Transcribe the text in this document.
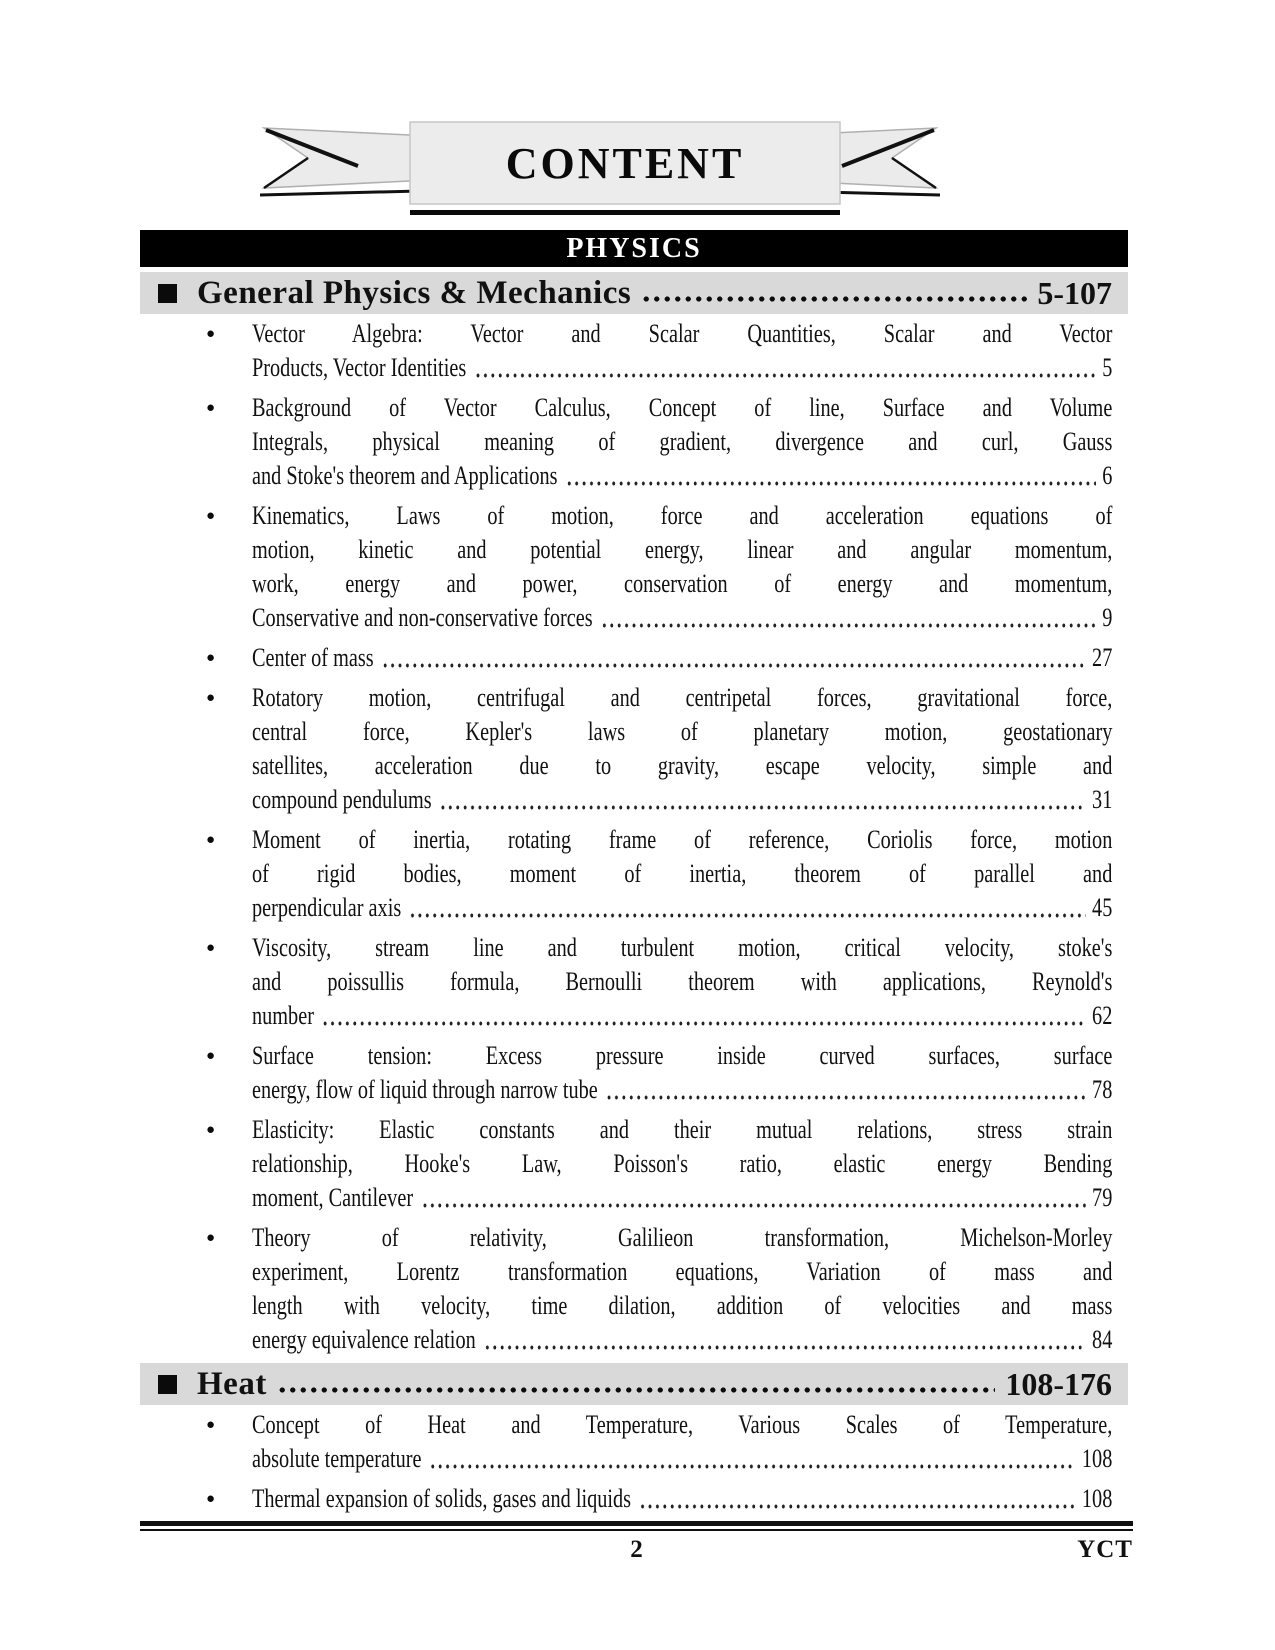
CONTENT
PHYSICS
General Physics & Mechanics	5-107
●	Vector Algebra: Vector and Scalar Quantities, Scalar and Vector
Products, Vector Identities	5
●	Background of Vector Calculus, Concept of line, Surface and Volume
Integrals, physical meaning of gradient, divergence and curl, Gauss
and Stoke's theorem and Applications	6
●	Kinematics, Laws of motion, force and acceleration equations of
motion, kinetic and potential energy, linear and angular momentum,
work, energy and power, conservation of energy and momentum,
Conservative and non-conservative forces	9
●	Center of mass	27
●	Rotatory motion, centrifugal and centripetal forces, gravitational force,
central force, Kepler's laws of planetary motion, geostationary
satellites, acceleration due to gravity, escape velocity, simple and
compound pendulums	31
●	Moment of inertia, rotating frame of reference, Coriolis force, motion
of rigid bodies, moment of inertia, theorem of parallel and
perpendicular axis	45
●	Viscosity, stream line and turbulent motion, critical velocity, stoke's
and poissullis formula, Bernoulli theorem with applications, Reynold's
number	62
●	Surface tension: Excess pressure inside curved surfaces, surface
energy, flow of liquid through narrow tube	78
●	Elasticity: Elastic constants and their mutual relations, stress strain
relationship, Hooke's Law, Poisson's ratio, elastic energy Bending
moment, Cantilever	79
●	Theory of relativity, Galilieon transformation, Michelson-Morley
experiment, Lorentz transformation equations, Variation of mass and
length with velocity, time dilation, addition of velocities and mass
energy equivalence relation	84
Heat	108-176
●	Concept of Heat and Temperature, Various Scales of Temperature,
absolute temperature	108
●	Thermal expansion of solids, gases and liquids	108
2	YCT
